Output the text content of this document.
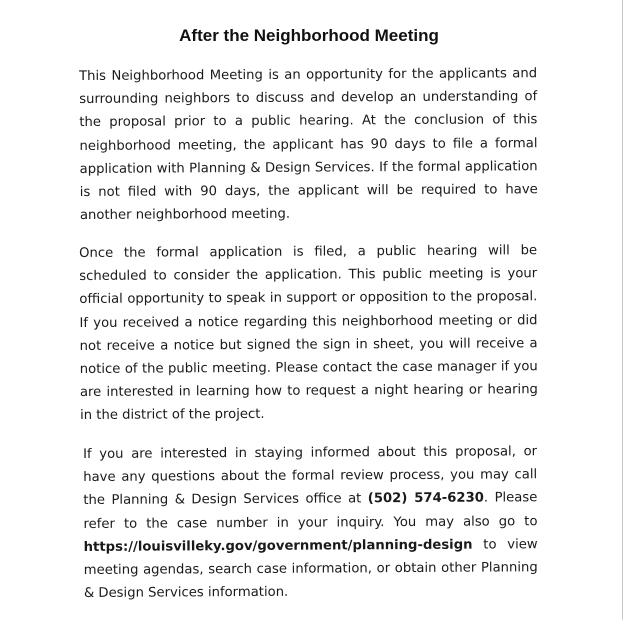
After the Neighborhood Meeting

This Neighborhood Meeting is an opportunity for the applicants and surrounding neighbors to discuss and develop an understanding of the proposal prior to a public hearing. At the conclusion of this neighborhood meeting, the applicant has 90 days to file a formal application with Planning & Design Services. If the formal application is not filed with 90 days, the applicant will be required to have another neighborhood meeting.

Once the formal application is filed, a public hearing will be scheduled to consider the application. This public meeting is your official opportunity to speak in support or opposition to the proposal. If you received a notice regarding this neighborhood meeting or did not receive a notice but signed the sign in sheet, you will receive a notice of the public meeting. Please contact the case manager if you are interested in learning how to request a night hearing or hearing in the district of the project.

If you are interested in staying informed about this proposal, or have any questions about the formal review process, you may call the Planning & Design Services office at (502) 574-6230. Please refer to the case number in your inquiry. You may also go to https://louisvilleky.gov/government/planning-design to view meeting agendas, search case information, or obtain other Planning & Design Services information.
